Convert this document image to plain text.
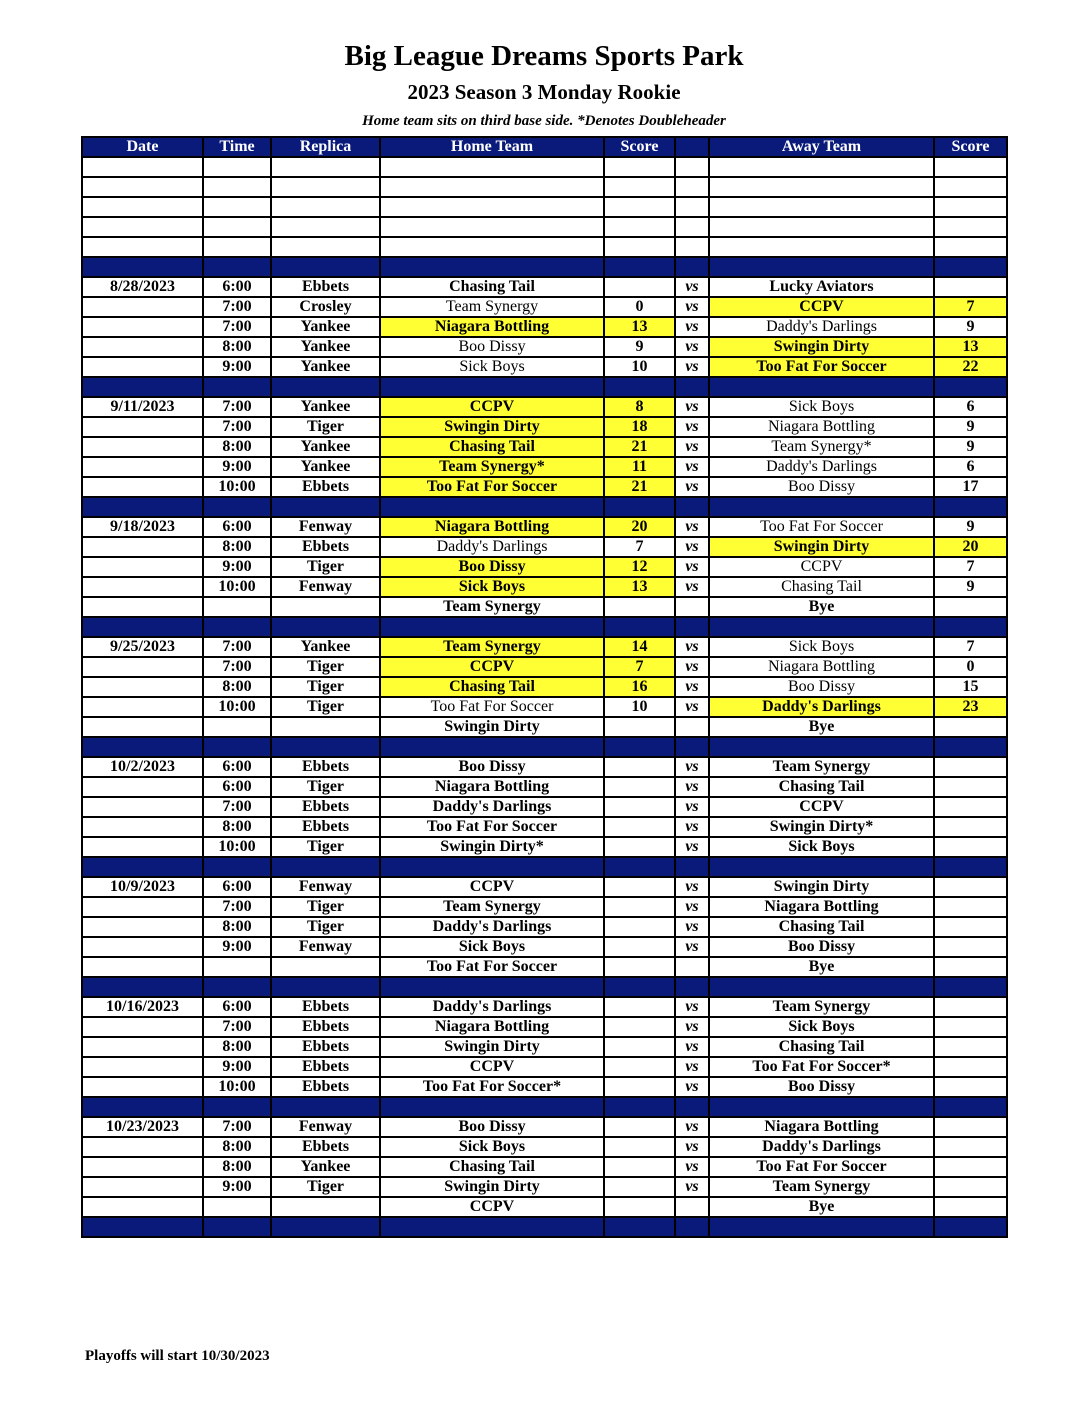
Big League Dreams Sports Park
2023 Season 3 Monday Rookie
Home team sits on third base side. *Denotes Doubleheader
Date	Time	Replica	Home Team	Score		Away Team	Score

8/28/2023	6:00	Ebbets	Chasing Tail		vs	Lucky Aviators	
	7:00	Crosley	Team Synergy	0	vs	CCPV	7
	7:00	Yankee	Niagara Bottling	13	vs	Daddy's Darlings	9
	8:00	Yankee	Boo Dissy	9	vs	Swingin Dirty	13
	9:00	Yankee	Sick Boys	10	vs	Too Fat For Soccer	22

9/11/2023	7:00	Yankee	CCPV	8	vs	Sick Boys	6
	7:00	Tiger	Swingin Dirty	18	vs	Niagara Bottling	9
	8:00	Yankee	Chasing Tail	21	vs	Team Synergy*	9
	9:00	Yankee	Team Synergy*	11	vs	Daddy's Darlings	6
	10:00	Ebbets	Too Fat For Soccer	21	vs	Boo Dissy	17

9/18/2023	6:00	Fenway	Niagara Bottling	20	vs	Too Fat For Soccer	9
	8:00	Ebbets	Daddy's Darlings	7	vs	Swingin Dirty	20
	9:00	Tiger	Boo Dissy	12	vs	CCPV	7
	10:00	Fenway	Sick Boys	13	vs	Chasing Tail	9
			Team Synergy			Bye	

9/25/2023	7:00	Yankee	Team Synergy	14	vs	Sick Boys	7
	7:00	Tiger	CCPV	7	vs	Niagara Bottling	0
	8:00	Tiger	Chasing Tail	16	vs	Boo Dissy	15
	10:00	Tiger	Too Fat For Soccer	10	vs	Daddy's Darlings	23
			Swingin Dirty			Bye	

10/2/2023	6:00	Ebbets	Boo Dissy		vs	Team Synergy	
	6:00	Tiger	Niagara Bottling		vs	Chasing Tail	
	7:00	Ebbets	Daddy's Darlings		vs	CCPV	
	8:00	Ebbets	Too Fat For Soccer		vs	Swingin Dirty*	
	10:00	Tiger	Swingin Dirty*		vs	Sick Boys	

10/9/2023	6:00	Fenway	CCPV		vs	Swingin Dirty	
	7:00	Tiger	Team Synergy		vs	Niagara Bottling	
	8:00	Tiger	Daddy's Darlings		vs	Chasing Tail	
	9:00	Fenway	Sick Boys		vs	Boo Dissy	
			Too Fat For Soccer			Bye	

10/16/2023	6:00	Ebbets	Daddy's Darlings		vs	Team Synergy	
	7:00	Ebbets	Niagara Bottling		vs	Sick Boys	
	8:00	Ebbets	Swingin Dirty		vs	Chasing Tail	
	9:00	Ebbets	CCPV		vs	Too Fat For Soccer*	
	10:00	Ebbets	Too Fat For Soccer*		vs	Boo Dissy	

10/23/2023	7:00	Fenway	Boo Dissy		vs	Niagara Bottling	
	8:00	Ebbets	Sick Boys		vs	Daddy's Darlings	
	8:00	Yankee	Chasing Tail		vs	Too Fat For Soccer	
	9:00	Tiger	Swingin Dirty		vs	Team Synergy	
			CCPV			Bye	

Playoffs will start 10/30/2023
